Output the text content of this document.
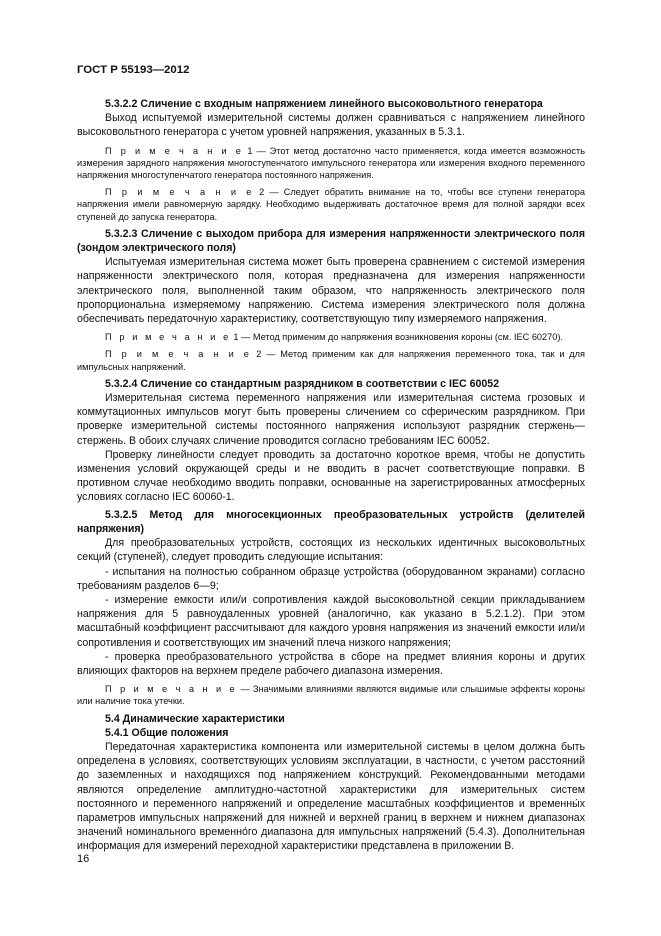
ГОСТ Р 55193—2012
5.3.2.2 Сличение с входным напряжением линейного высоковольтного генератора
Выход испытуемой измерительной системы должен сравниваться с напряжением линейного высоковольтного генератора с учетом уровней напряжения, указанных в 5.3.1.
П р и м е ч а н и е 1 — Этот метод достаточно часто применяется, когда имеется возможность измерения зарядного напряжения многоступенчатого импульсного генератора или измерения входного переменного напряжения многоступенчатого генератора постоянного напряжения.
П р и м е ч а н и е 2 — Следует обратить внимание на то, чтобы все ступени генератора напряжения имели равномерную зарядку. Необходимо выдерживать достаточное время для полной зарядки всех ступеней до запуска генератора.
5.3.2.3 Сличение с выходом прибора для измерения напряженности электрического поля (зондом электрического поля)
Испытуемая измерительная система может быть проверена сравнением с системой измерения напряженности электрического поля, которая предназначена для измерения напряженности электрического поля, выполненной таким образом, что напряженность электрического поля пропорциональна измеряемому напряжению. Система измерения электрического поля должна обеспечивать передаточную характеристику, соответствующую типу измеряемого напряжения.
П р и м е ч а н и е 1 — Метод применим до напряжения возникновения короны (см. IEC 60270).
П р и м е ч а н и е 2 — Метод применим как для напряжения переменного тока, так и для импульсных напряжений.
5.3.2.4 Сличение со стандартным разрядником в соответствии с IEC 60052
Измерительная система переменного напряжения или измерительная система грозовых и коммутационных импульсов могут быть проверены сличением со сферическим разрядником. При проверке измерительной системы постоянного напряжения используют разрядник стержень—стержень. В обоих случаях сличение проводится согласно требованиям IEC 60052.
Проверку линейности следует проводить за достаточно короткое время, чтобы не допустить изменения условий окружающей среды и не вводить в расчет соответствующие поправки. В противном случае необходимо вводить поправки, основанные на зарегистрированных атмосферных условиях согласно IEC 60060-1.
5.3.2.5 Метод для многосекционных преобразовательных устройств (делителей напряжения)
Для преобразовательных устройств, состоящих из нескольких идентичных высоковольтных секций (ступеней), следует проводить следующие испытания:
- испытания на полностью собранном образце устройства (оборудованном экранами) согласно требованиям разделов 6—9;
- измерение емкости или/и сопротивления каждой высоковольтной секции прикладыванием напряжения для 5 равноудаленных уровней (аналогично, как указано в 5.2.1.2). При этом масштабный коэффициент рассчитывают для каждого уровня напряжения из значений емкости или/и сопротивления и соответствующих им значений плеча низкого напряжения;
- проверка преобразовательного устройства в сборе на предмет влияния короны и других влияющих факторов на верхнем пределе рабочего диапазона измерения.
П р и м е ч а н и е — Значимыми влияниями являются видимые или слышимые эффекты короны или наличие тока утечки.
5.4 Динамические характеристики
5.4.1 Общие положения
Передаточная характеристика компонента или измерительной системы в целом должна быть определена в условиях, соответствующих условиям эксплуатации, в частности, с учетом расстояний до заземленных и находящихся под напряжением конструкций. Рекомендованными методами являются определение амплитудно-частотной характеристики для измерительных систем постоянного и переменного напряжений и определение масштабных коэффициентов и временны́х параметров импульсных напряжений для нижней и верхней границ в верхнем и нижнем диапазонах значений номинального временно́го диапазона для импульсных напряжений (5.4.3). Дополнительная информация для измерений переходной характеристики представлена в приложении В.
16
